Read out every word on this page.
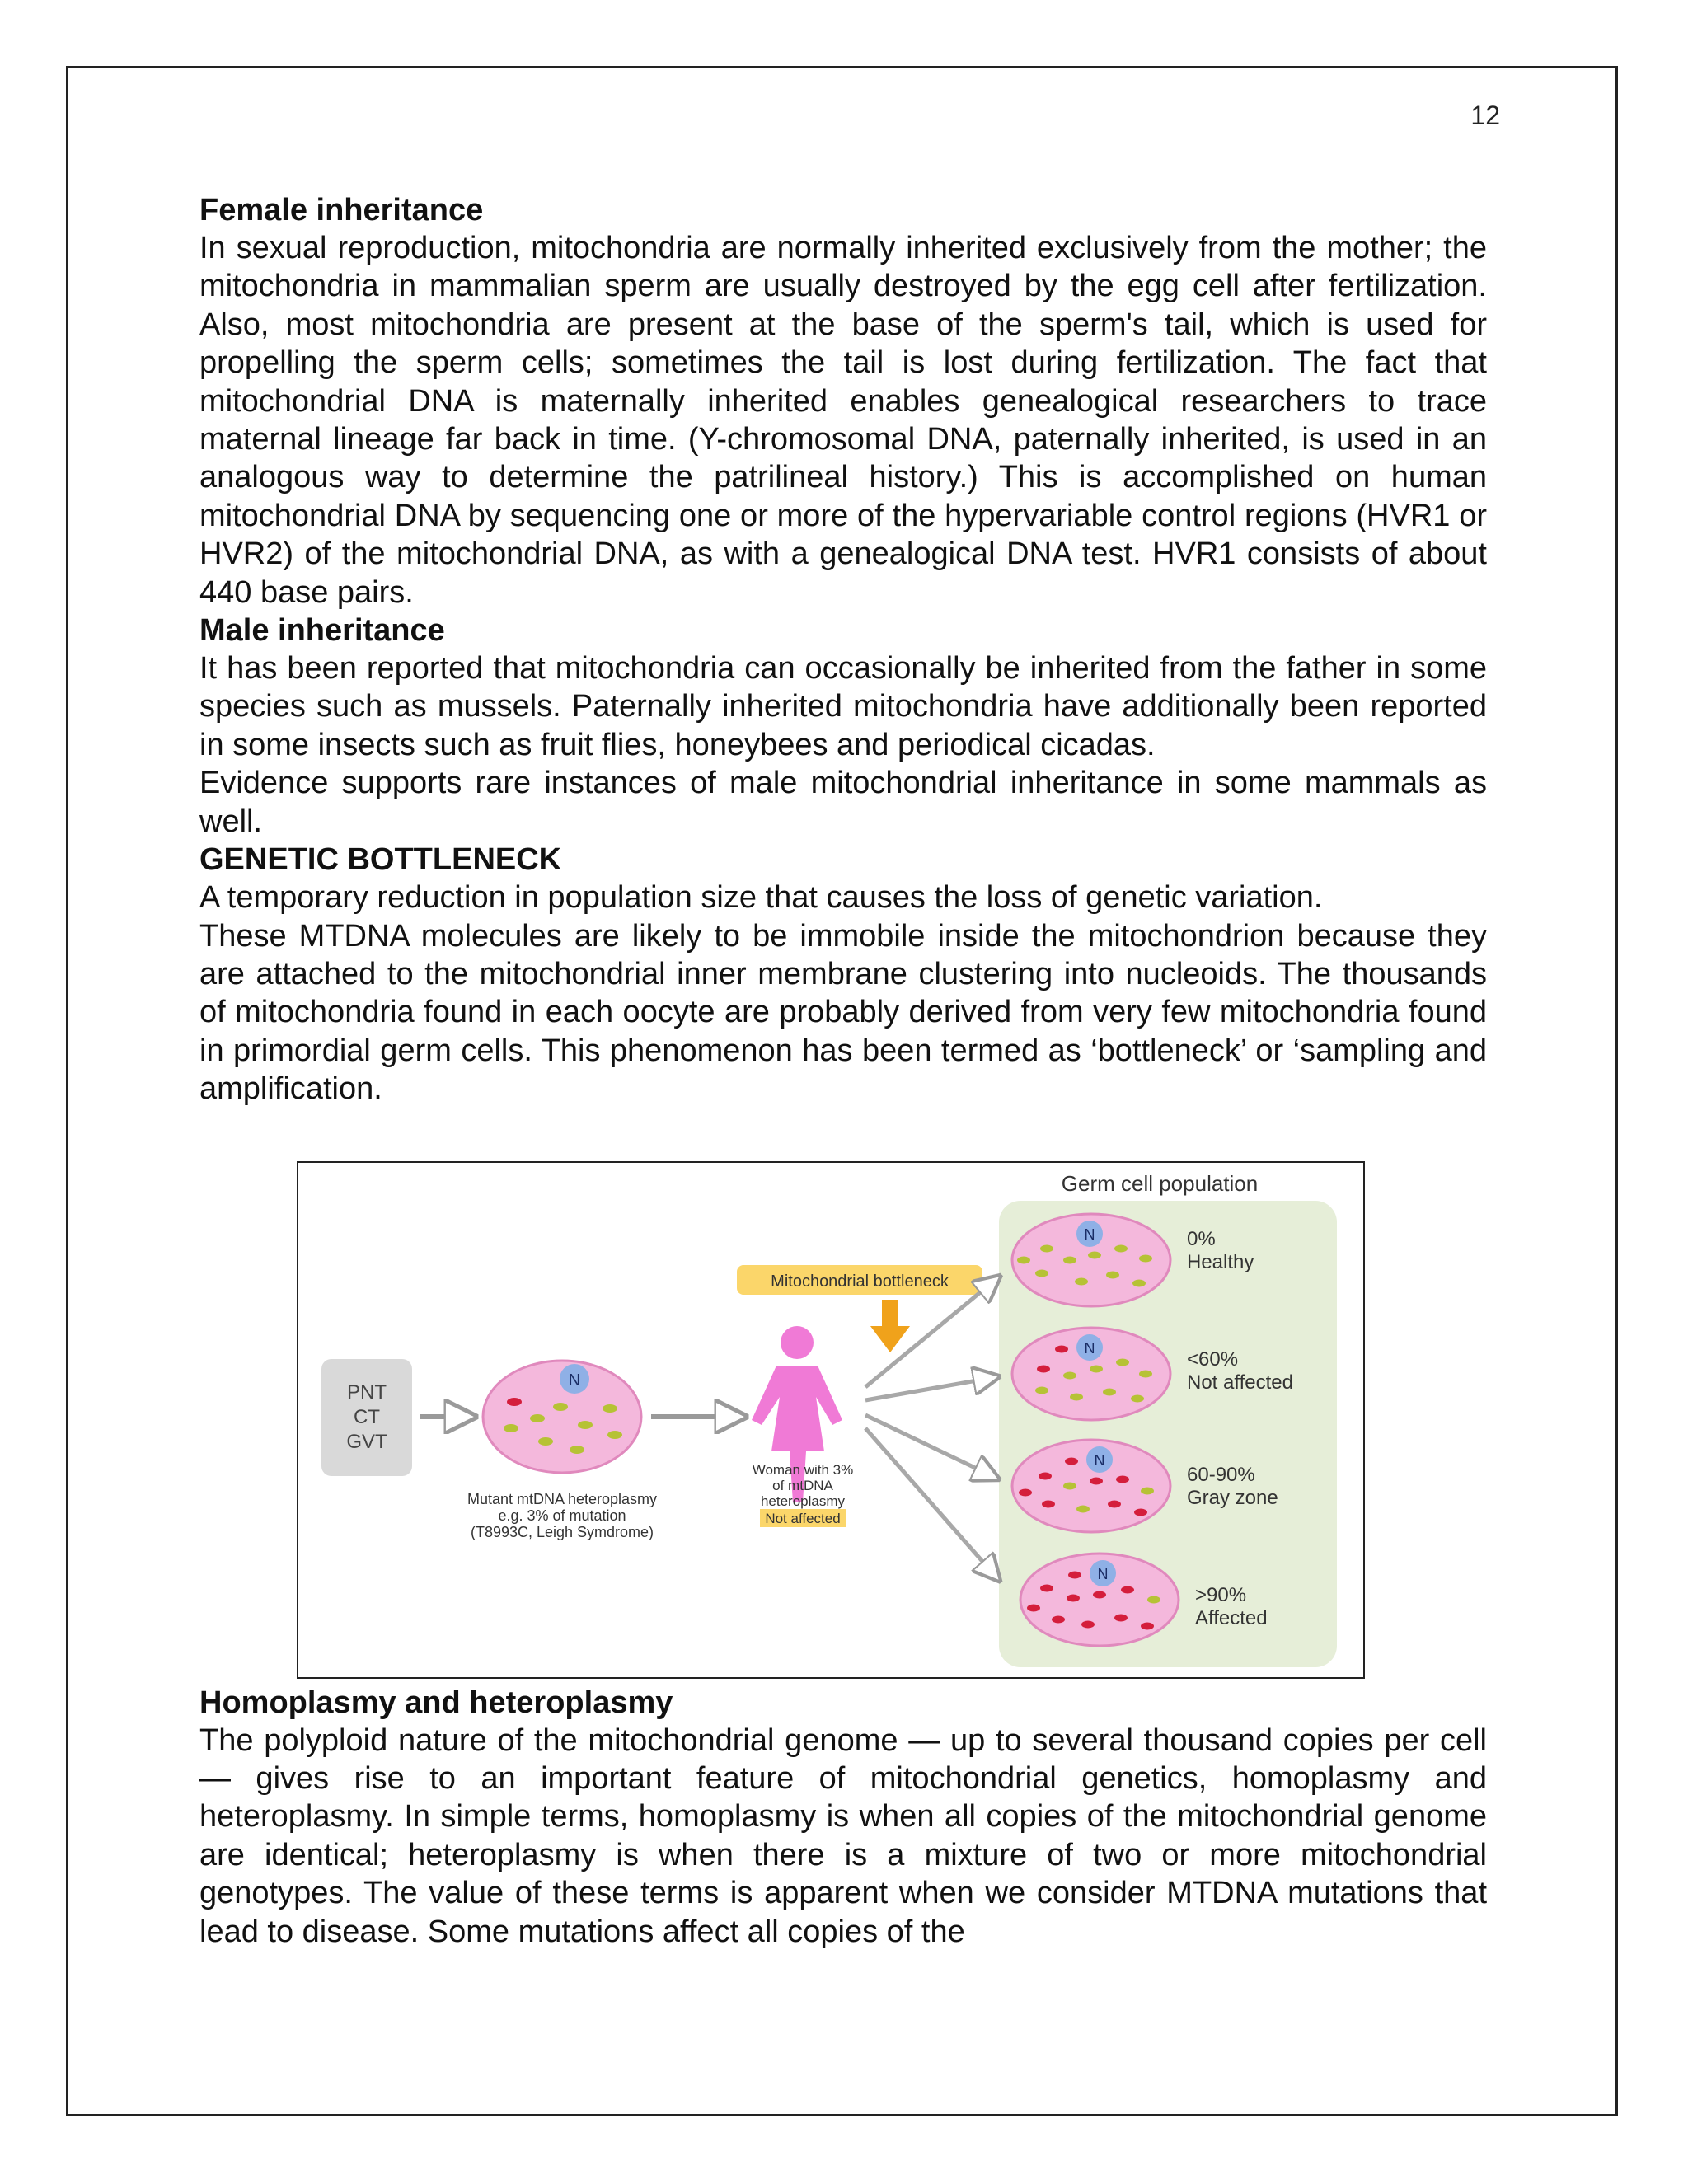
12
Female inheritance

In sexual reproduction, mitochondria are normally inherited exclusively from the mother; the mitochondria in mammalian sperm are usually destroyed by the egg cell after fertilization. Also, most mitochondria are present at the base of the sperm's tail, which is used for propelling the sperm cells; sometimes the tail is lost during fertilization. The fact that mitochondrial DNA is maternally inherited enables genealogical researchers to trace maternal lineage far back in time. (Y-chromosomal DNA, paternally inherited, is used in an analogous way to determine the patrilineal history.) This is accomplished on human mitochondrial DNA by sequencing one or more of the hypervariable control regions (HVR1 or HVR2) of the mitochondrial DNA, as with a genealogical DNA test. HVR1 consists of about 440 base pairs.

Male inheritance

It has been reported that mitochondria can occasionally be inherited from the father in some species such as mussels. Paternally inherited mitochondria have additionally been reported in some insects such as fruit flies, honeybees and periodical cicadas.

Evidence supports rare instances of male mitochondrial inheritance in some mammals as well.

GENETIC BOTTLENECK

A temporary reduction in population size that causes the loss of genetic variation.

These MTDNA molecules are likely to be immobile inside the mitochondrion because they are attached to the mitochondrial inner membrane clustering into nucleoids. The thousands of mitochondria found in each oocyte are probably derived from very few mitochondria found in primordial germ cells. This phenomenon has been termed as ‘bottleneck’ or ‘sampling and amplification.

Germ cell population
PNT
CT
GVT
N
Mutant mtDNA heteroplasmy
e.g. 3% of mutation
(T8993C, Leigh Symdrome)
Mitochondrial bottleneck
Woman with 3%
of mtDNA
heteroplasmy
Not affected
N	0%
Healthy
N	<60%
Not affected
N
60-90%
Gray zone
N
>90%
Affected
Homoplasmy and heteroplasmy

The polyploid nature of the mitochondrial genome — up to several thousand copies per cell — gives rise to an important feature of mitochondrial genetics, homoplasmy and heteroplasmy. In simple terms, homoplasmy is when all copies of the mitochondrial genome are identical; heteroplasmy is when there is a mixture of two or more mitochondrial genotypes. The value of these terms is apparent when we consider MTDNA mutations that lead to disease. Some mutations affect all copies of the
